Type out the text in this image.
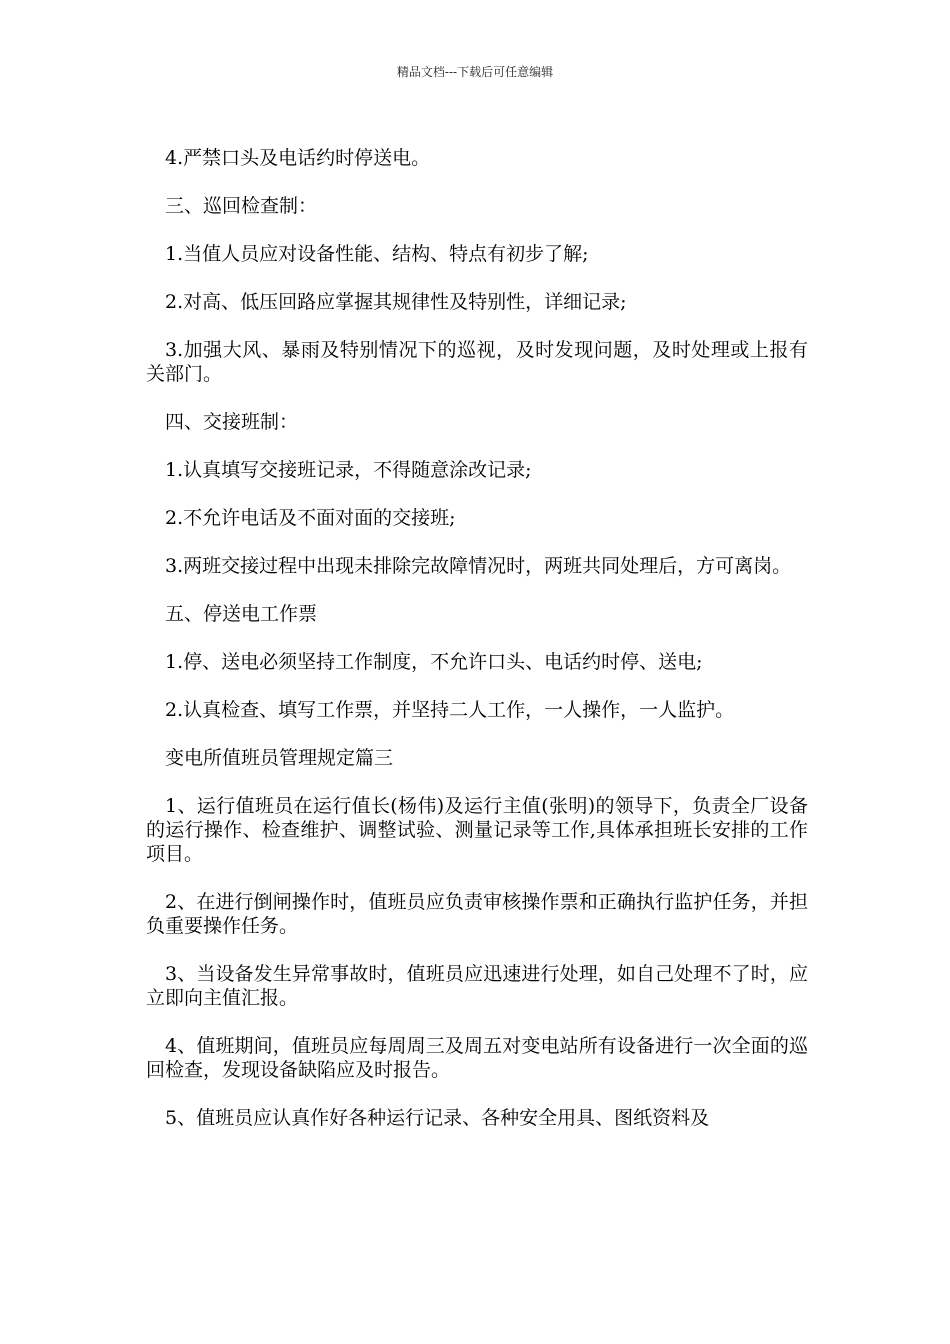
精品文档---下载后可任意编辑

4.严禁口头及电话约时停送电。

三、巡回检查制：

1.当值人员应对设备性能、结构、特点有初步了解;

2.对高、低压回路应掌握其规律性及特别性，详细记录;

3.加强大风、暴雨及特别情况下的巡视，及时发现问题，及时处理或上报有关部门。

四、交接班制：

1.认真填写交接班记录，不得随意涂改记录;

2.不允许电话及不面对面的交接班;

3.两班交接过程中出现未排除完故障情况时，两班共同处理后，方可离岗。

五、停送电工作票

1.停、送电必须坚持工作制度，不允许口头、电话约时停、送电;

2.认真检查、填写工作票，并坚持二人工作，一人操作，一人监护。

变电所值班员管理规定篇三

1、运行值班员在运行值长(杨伟)及运行主值(张明)的领导下，负责全厂设备的运行操作、检查维护、调整试验、测量记录等工作,具体承担班长安排的工作项目。

2、在进行倒闸操作时，值班员应负责审核操作票和正确执行监护任务，并担负重要操作任务。

3、当设备发生异常事故时，值班员应迅速进行处理，如自己处理不了时，应立即向主值汇报。

4、值班期间，值班员应每周周三及周五对变电站所有设备进行一次全面的巡回检查，发现设备缺陷应及时报告。

5、值班员应认真作好各种运行记录、各种安全用具、图纸资料及
